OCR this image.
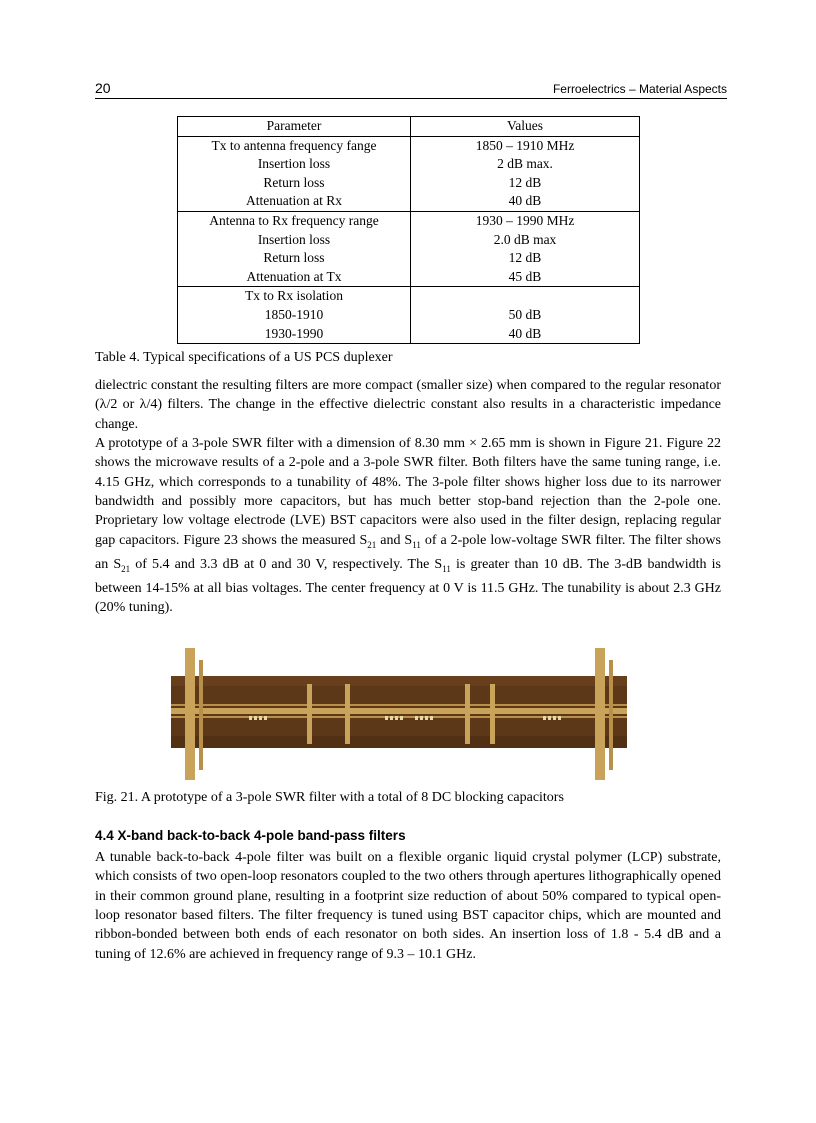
20	Ferroelectrics – Material Aspects
Parameter	Values
Tx to antenna frequency fange	1850 – 1910 MHz
Insertion loss	2 dB max.
Return loss	12 dB
Attenuation at Rx	40 dB
Antenna to Rx frequency range	1930 – 1990 MHz
Insertion loss	2.0 dB max
Return loss	12 dB
Attenuation at Tx	45 dB
Tx to Rx isolation	
1850-1910	50 dB
1930-1990	40 dB
Table 4. Typical specifications of a US PCS duplexer

dielectric constant the resulting filters are more compact (smaller size) when compared to the regular resonator (λ/2 or λ/4) filters. The change in the effective dielectric constant also results in a characteristic impedance change.

A prototype of a 3-pole SWR filter with a dimension of 8.30 mm × 2.65 mm is shown in Figure 21. Figure 22 shows the microwave results of a 2-pole and a 3-pole SWR filter. Both filters have the same tuning range, i.e. 4.15 GHz, which corresponds to a tunability of 48%. The 3-pole filter shows higher loss due to its narrower bandwidth and possibly more capacitors, but has much better stop-band rejection than the 2-pole one. Proprietary low voltage electrode (LVE) BST capacitors were also used in the filter design, replacing regular gap capacitors. Figure 23 shows the measured $S_{21}$ and $S_{11}$ of a 2-pole low-voltage SWR filter. The filter shows an $S_{21}$ of 5.4 and 3.3 dB at 0 and 30 V, respectively. The $S_{11}$ is greater than 10 dB. The 3-dB bandwidth is between 14-15% at all bias voltages. The center frequency at 0 V is 11.5 GHz. The tunability is about 2.3 GHz (20% tuning).

Fig. 21. A prototype of a 3-pole SWR filter with a total of 8 DC blocking capacitors
4.4 X-band back-to-back 4-pole band-pass filters

A tunable back-to-back 4-pole filter was built on a flexible organic liquid crystal polymer (LCP) substrate, which consists of two open-loop resonators coupled to the two others through apertures lithographically opened in their common ground plane, resulting in a footprint size reduction of about 50% compared to typical open-loop resonator based filters. The filter frequency is tuned using BST capacitor chips, which are mounted and ribbon-bonded between both ends of each resonator on both sides. An insertion loss of 1.8 - 5.4 dB and a tuning of 12.6% are achieved in frequency range of 9.3 – 10.1 GHz.
